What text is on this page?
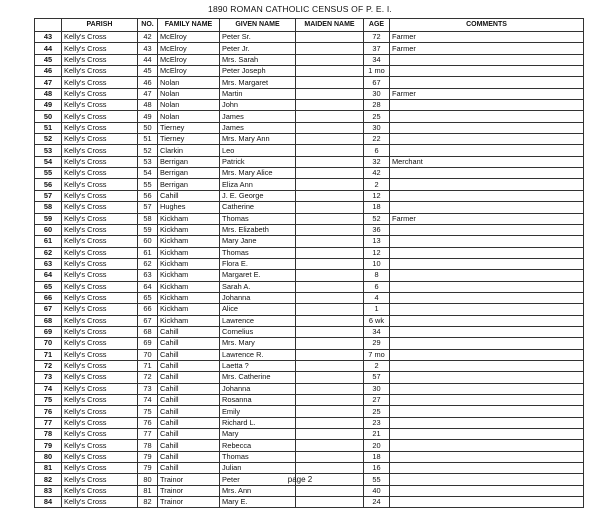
1890 ROMAN CATHOLIC CENSUS OF P. E. I.
	PARISH	NO.	FAMILY NAME	GIVEN NAME	MAIDEN NAME	AGE	COMMENTS
43	Kelly's Cross	42	McElroy	Peter Sr.		72	Farmer
44	Kelly's Cross	43	McElroy	Peter Jr.		37	Farmer
45	Kelly's Cross	44	McElroy	Mrs. Sarah		34	
46	Kelly's Cross	45	McElroy	Peter Joseph		1 mo	
47	Kelly's Cross	46	Nolan	Mrs. Margaret		67	
48	Kelly's Cross	47	Nolan	Martin		30	Farmer
49	Kelly's Cross	48	Nolan	John		28	
50	Kelly's Cross	49	Nolan	James		25	
51	Kelly's Cross	50	Tierney	James		30	
52	Kelly's Cross	51	Tierney	Mrs. Mary Ann		22	
53	Kelly's Cross	52	Clarkin	Leo		6	
54	Kelly's Cross	53	Berrigan	Patrick		32	Merchant
55	Kelly's Cross	54	Berrigan	Mrs. Mary Alice		42	
56	Kelly's Cross	55	Berrigan	Eliza Ann		2	
57	Kelly's Cross	56	Cahill	J. E. George		12	
58	Kelly's Cross	57	Hughes	Catherine		18	
59	Kelly's Cross	58	Kickham	Thomas		52	Farmer
60	Kelly's Cross	59	Kickham	Mrs. Elizabeth		36	
61	Kelly's Cross	60	Kickham	Mary Jane		13	
62	Kelly's Cross	61	Kickham	Thomas		12	
63	Kelly's Cross	62	Kickham	Flora E.		10	
64	Kelly's Cross	63	Kickham	Margaret E.		8	
65	Kelly's Cross	64	Kickham	Sarah A.		6	
66	Kelly's Cross	65	Kickham	Johanna		4	
67	Kelly's Cross	66	Kickham	Alice		1	
68	Kelly's Cross	67	Kickham	Lawrence		6 wk	
69	Kelly's Cross	68	Cahill	Cornelius		34	
70	Kelly's Cross	69	Cahill	Mrs. Mary		29	
71	Kelly's Cross	70	Cahill	Lawrence R.		7 mo	
72	Kelly's Cross	71	Cahill	Laetta ?		2	
73	Kelly's Cross	72	Cahill	Mrs. Catherine		57	
74	Kelly's Cross	73	Cahill	Johanna		30	
75	Kelly's Cross	74	Cahill	Rosanna		27	
76	Kelly's Cross	75	Cahill	Emily		25	
77	Kelly's Cross	76	Cahill	Richard L.		23	
78	Kelly's Cross	77	Cahill	Mary		21	
79	Kelly's Cross	78	Cahill	Rebecca		20	
80	Kelly's Cross	79	Cahill	Thomas		18	
81	Kelly's Cross	79	Cahill	Julian		16	
82	Kelly's Cross	80	Trainor	Peter		55	
83	Kelly's Cross	81	Trainor	Mrs. Ann		40	
84	Kelly's Cross	82	Trainor	Mary E.		24	
page 2
